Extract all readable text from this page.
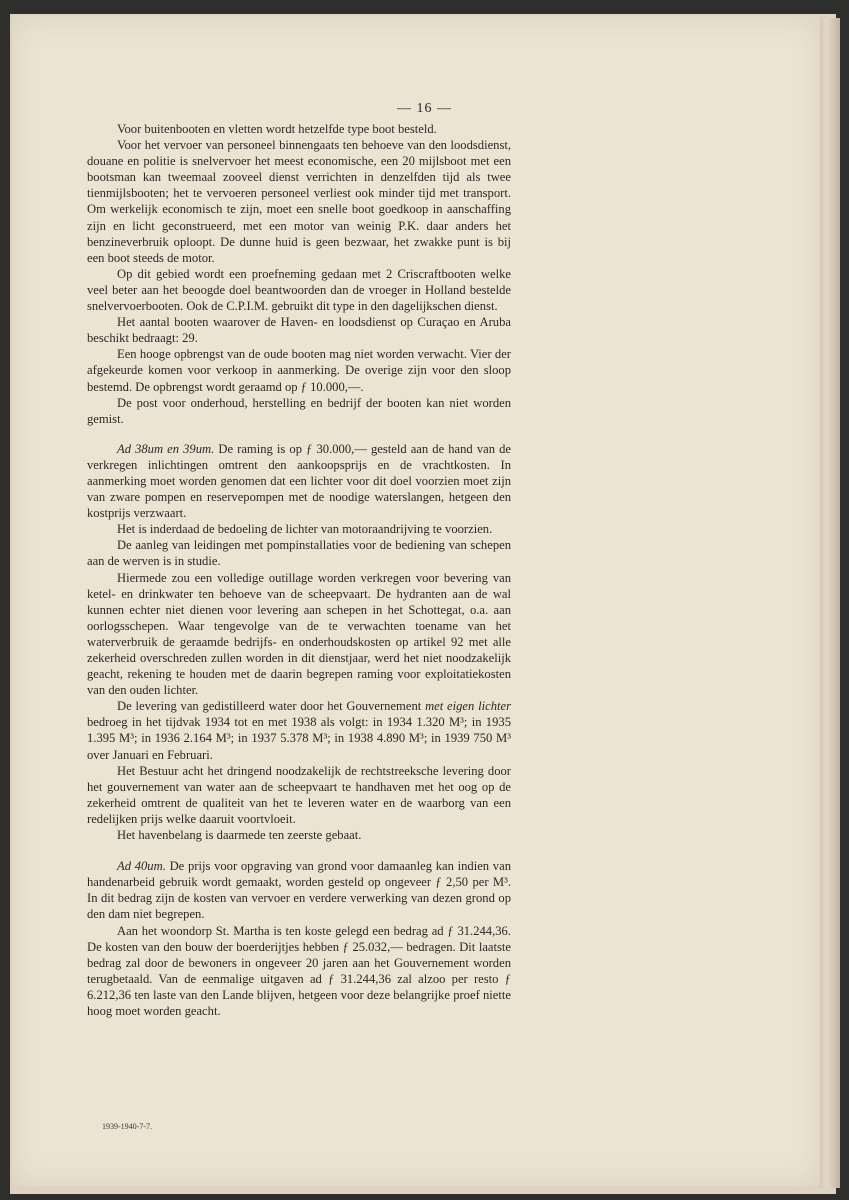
— 16 —

Voor buitenbooten en vletten wordt hetzelfde type boot besteld.

Voor het vervoer van personeel binnengaats ten behoeve van den loodsdienst, douane en politie is snelvervoer het meest economische, een 20 mijlsboot met een bootsman kan tweemaal zooveel dienst verrichten in denzelfden tijd als twee tienmijlsbooten; het te vervoeren personeel verliest ook minder tijd met transport. Om werkelijk economisch te zijn, moet een snelle boot goedkoop in aanschaffing zijn en licht geconstrueerd, met een motor van weinig P.K. daar anders het benzineverbruik oploopt. De dunne huid is geen bezwaar, het zwakke punt is bij een boot steeds de motor.

Op dit gebied wordt een proefneming gedaan met 2 Criscraftbooten welke veel beter aan het beoogde doel beantwoorden dan de vroeger in Holland bestelde snelvervoerbooten. Ook de C.P.I.M. gebruikt dit type in den dagelijkschen dienst.

Het aantal booten waarover de Haven- en loodsdienst op Curaçao en Aruba beschikt bedraagt: 29.

Een hooge opbrengst van de oude booten mag niet worden verwacht. Vier der afgekeurde komen voor verkoop in aanmerking. De overige zijn voor den sloop bestemd. De opbrengst wordt geraamd op ƒ 10.000,—.

De post voor onderhoud, herstelling en bedrijf der booten kan niet worden gemist.

Ad 38um en 39um. De raming is op ƒ 30.000,— gesteld aan de hand van de verkregen inlichtingen omtrent den aankoopsprijs en de vrachtkosten. In aanmerking moet worden genomen dat een lichter voor dit doel voorzien moet zijn van zware pompen en reservepompen met de noodige waterslangen, hetgeen den kostprijs verzwaart.

Het is inderdaad de bedoeling de lichter van motoraandrijving te voorzien.

De aanleg van leidingen met pompinstallaties voor de bediening van schepen aan de werven is in studie.

Hiermede zou een volledige outillage worden verkregen voor bevering van ketel- en drinkwater ten behoeve van de scheepvaart. De hydranten aan de wal kunnen echter niet dienen voor levering aan schepen in het Schottegat, o.a. aan oorlogsschepen. Waar tengevolge van de te verwachten toename van het waterverbruik de geraamde bedrijfs- en onderhoudskosten op artikel 92 met alle zekerheid overschreden zullen worden in dit dienstjaar, werd het niet noodzakelijk geacht, rekening te houden met de daarin begrepen raming voor exploitatiekosten van den ouden lichter.

De levering van gedistilleerd water door het Gouvernement met eigen lichter bedroeg in het tijdvak 1934 tot en met 1938 als volgt: in 1934 1.320 M³; in 1935 1.395 M³; in 1936 2.164 M³; in 1937 5.378 M³; in 1938 4.890 M³; in 1939 750 M³ over Januari en Februari.

Het Bestuur acht het dringend noodzakelijk de rechtstreeksche levering door het gouvernement van water aan de scheepvaart te handhaven met het oog op de zekerheid omtrent de qualiteit van het te leveren water en de waarborg van een redelijken prijs welke daaruit voortvloeit.

Het havenbelang is daarmede ten zeerste gebaat.

Ad 40um. De prijs voor opgraving van grond voor damaanleg kan indien van handenarbeid gebruik wordt gemaakt, worden gesteld op ongeveer ƒ 2,50 per M³. In dit bedrag zijn de kosten van vervoer en verdere verwerking van dezen grond op den dam niet begrepen.

Aan het woondorp St. Martha is ten koste gelegd een bedrag ad ƒ 31.244,36. De kosten van den bouw der boerderijtjes hebben ƒ 25.032,— bedragen. Dit laatste bedrag zal door de bewoners in ongeveer 20 jaren aan het Gouvernement worden terugbetaald. Van de eenmalige uitgaven ad ƒ 31.244,36 zal alzoo per resto ƒ 6.212,36 ten laste van den Lande blijven, hetgeen voor deze belangrijke proef niette hoog moet worden geacht.

1939-1940-7-7.
